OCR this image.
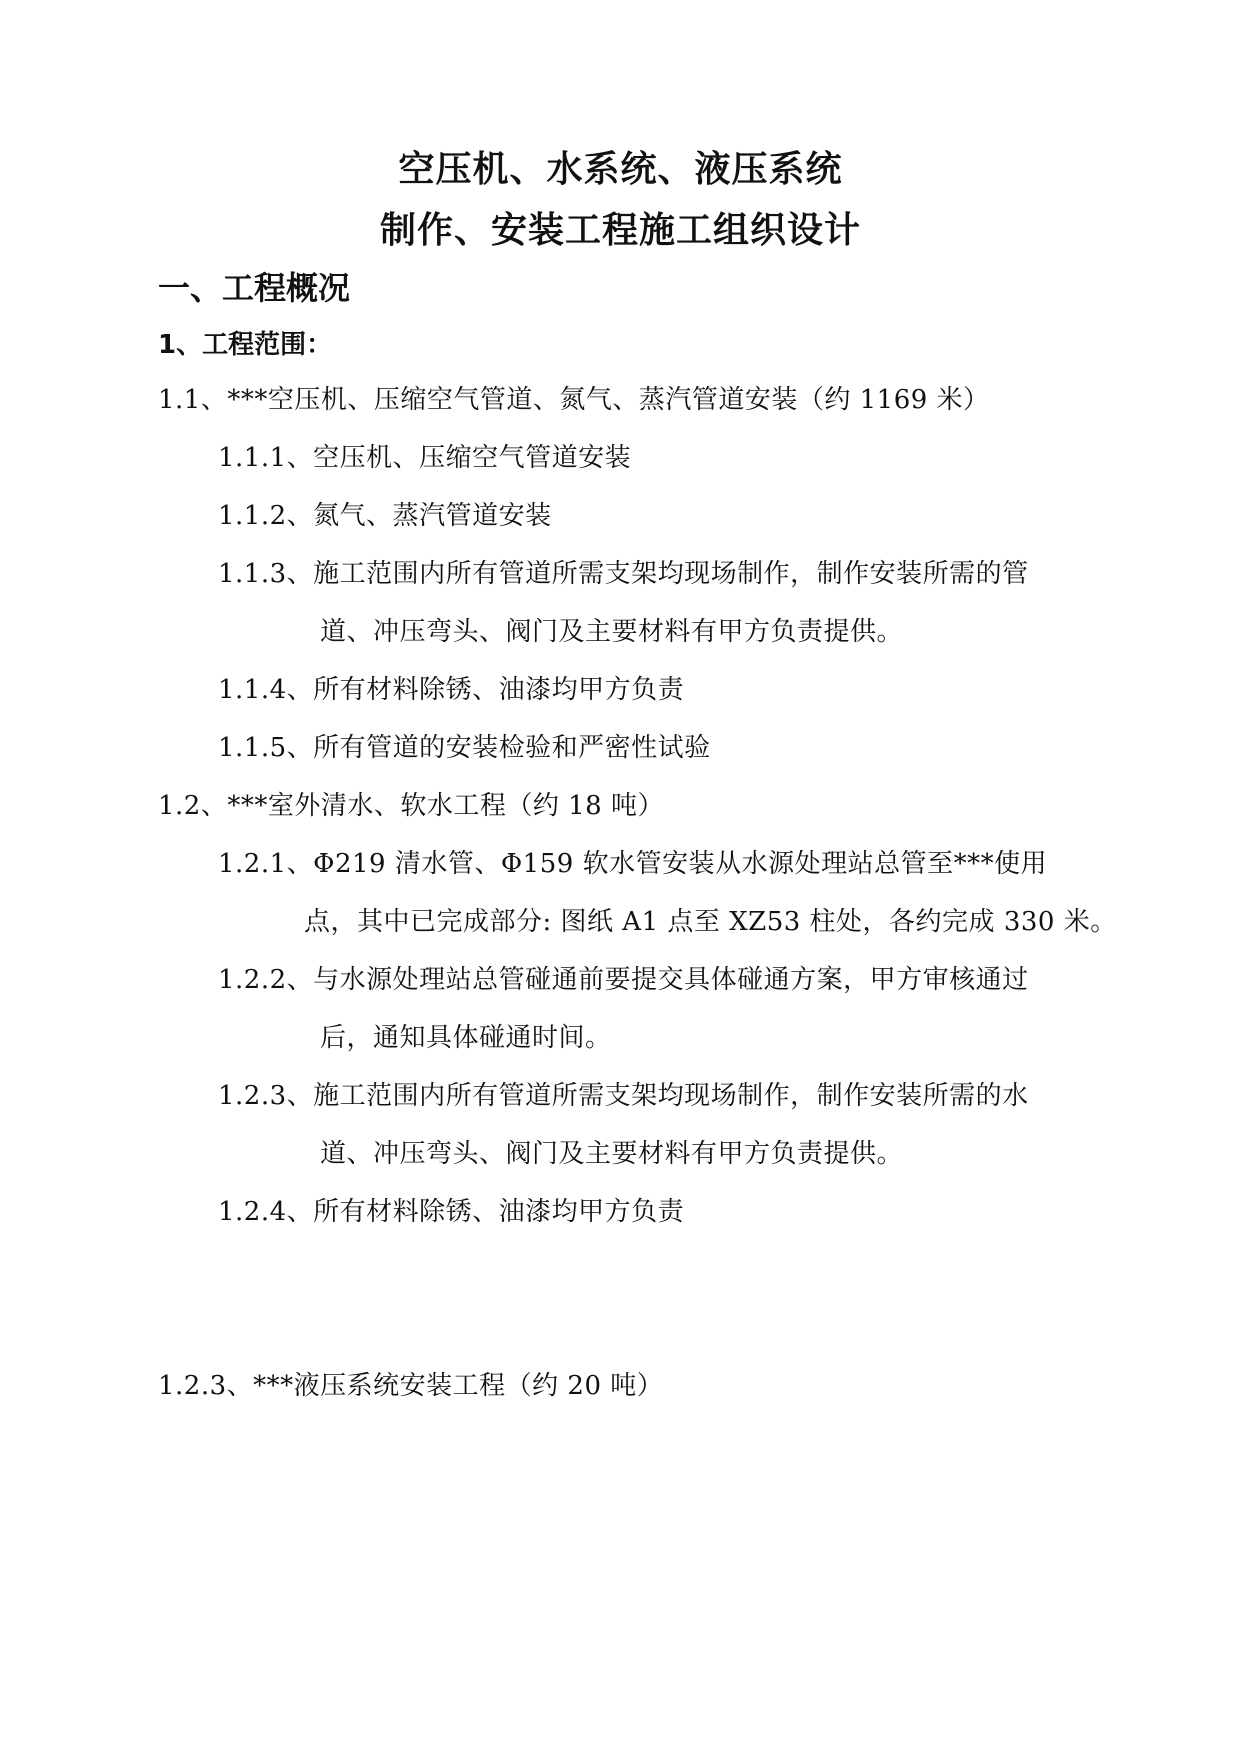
空压机、水系统、液压系统
制作、安装工程施工组织设计
一、工程概况
1、工程范围：
1.1、***空压机、压缩空气管道、氮气、蒸汽管道安装（约 1169 米）
1.1.1、空压机、压缩空气管道安装
1.1.2、氮气、蒸汽管道安装
1.1.3、施工范围内所有管道所需支架均现场制作，制作安装所需的管
道、冲压弯头、阀门及主要材料有甲方负责提供。
1.1.4、所有材料除锈、油漆均甲方负责
1.1.5、所有管道的安装检验和严密性试验
1.2、***室外清水、软水工程（约 18 吨）
1.2.1、Φ219 清水管、Φ159 软水管安装从水源处理站总管至***使用
点，其中已完成部分: 图纸 A1 点至 XZ53 柱处，各约完成 330 米。
1.2.2、与水源处理站总管碰通前要提交具体碰通方案，甲方审核通过
后，通知具体碰通时间。
1.2.3、施工范围内所有管道所需支架均现场制作，制作安装所需的水
道、冲压弯头、阀门及主要材料有甲方负责提供。
1.2.4、所有材料除锈、油漆均甲方负责
1.2.3、***液压系统安装工程（约 20 吨）
